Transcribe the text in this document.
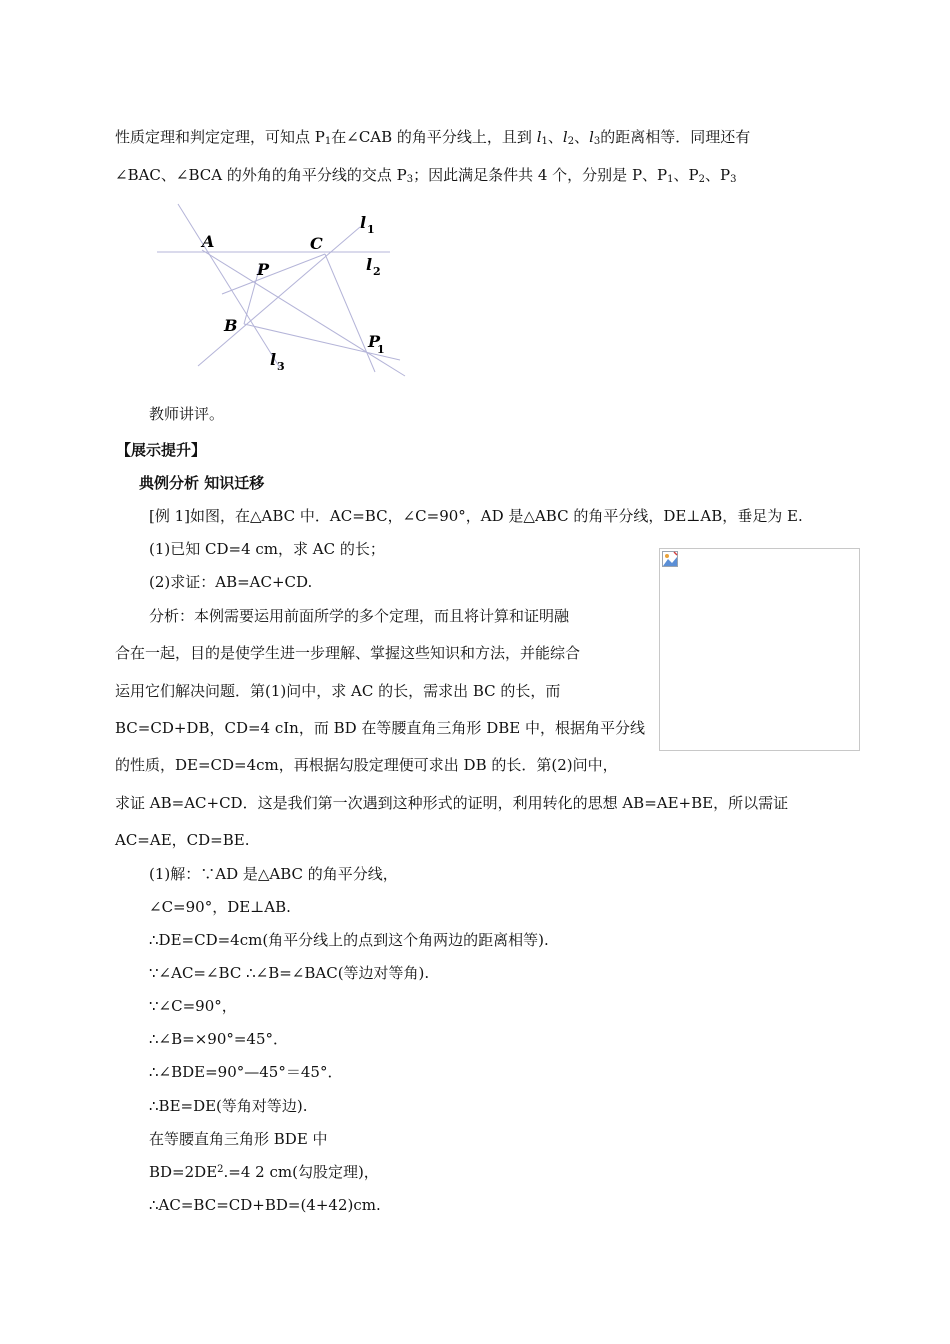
性质定理和判定定理，可知点 $P_1$在∠CAB 的角平分线上，且到 $l_1$、$l_2$、$l_3$的距离相等．同理还有
∠BAC、∠BCA 的外角的角平分线的交点 $P_3$；因此满足条件共 4 个，分别是 P、$P_1$、$P_2$、$P_3$
A	C
P
B
P
1
l 1
l 2
l 3
教师讲评。
【展示提升】
典例分析 知识迁移
[例 1]如图，在△ABC 中．AC=BC，∠C=90°，AD 是△ABC 的角平分线，DE⊥AB，垂足为 E.
(1)已知 CD=4 cm，求 AC 的长；
(2)求证：AB=AC+CD.
分析：本例需要运用前面所学的多个定理，而且将计算和证明融
合在一起，目的是使学生进一步理解、掌握这些知识和方法，并能综合
运用它们解决问题．第(1)问中，求 AC 的长，需求出 BC 的长，而
BC=CD+DB，CD=4 cIn，而 BD 在等腰直角三角形 DBE 中，根据角平分线
的性质，DE=CD=4cm，再根据勾股定理便可求出 DB 的长．第(2)问中，
求证 AB=AC+CD．这是我们第一次遇到这种形式的证明，利用转化的思想 AB=AE+BE，所以需证
AC=AE，CD=BE.
(1)解：∵AD 是△ABC 的角平分线，
∠C=90°，DE⊥AB.
∴DE=CD=4cm(角平分线上的点到这个角两边的距离相等).
∵∠AC=∠BC ∴∠B=∠BAC(等边对等角).
∵∠C=90°，
∴∠B=×90°=45°．
∴∠BDE=90°—45°＝45°．
∴BE=DE(等角对等边).
在等腰直角三角形 BDE 中
$BD=2DE^2.=4$ 2 cm(勾股定理)，
∴AC=BC=CD+BD=(4+42)cm.
